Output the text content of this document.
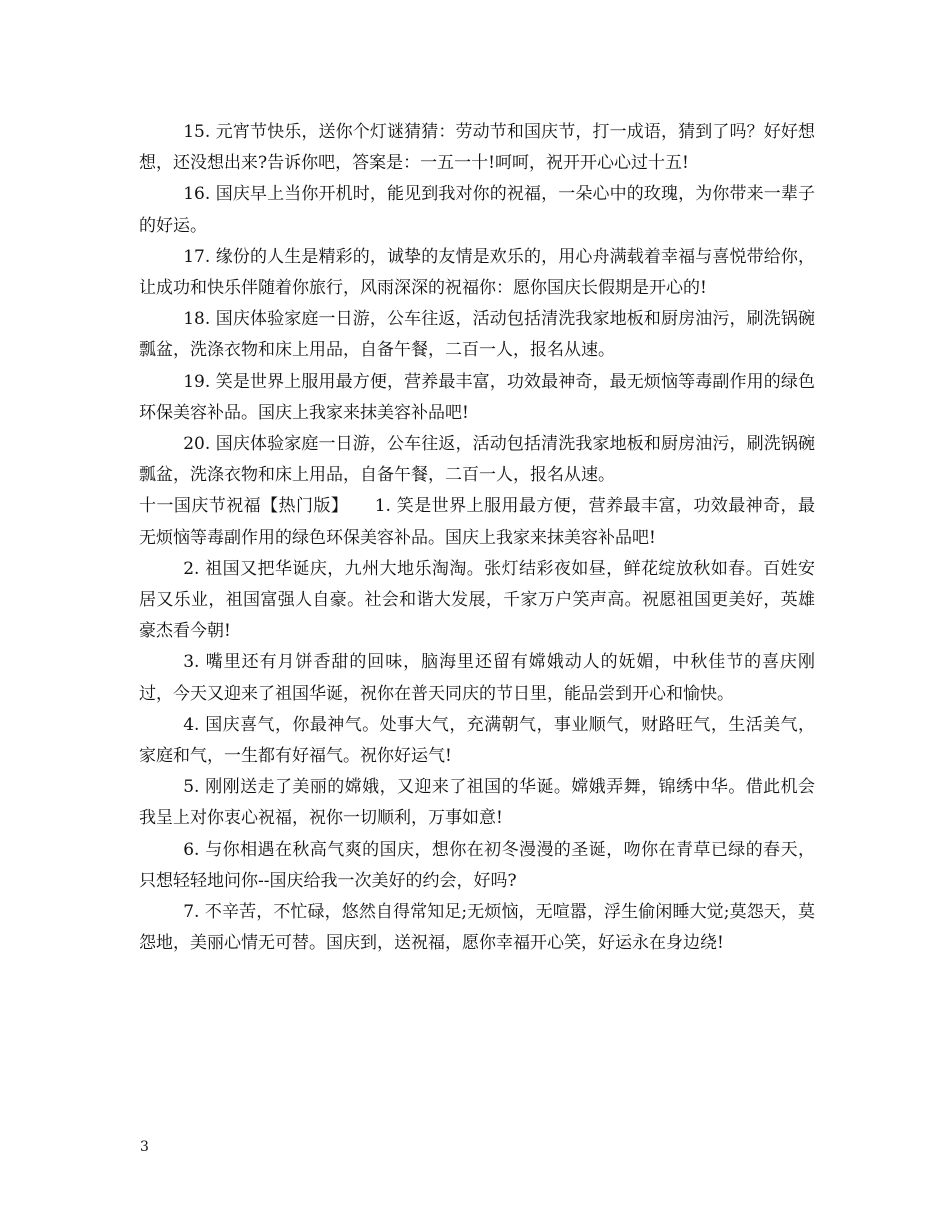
15. 元宵节快乐，送你个灯谜猜猜：劳动节和国庆节，打一成语，猜到了吗？好好想想，还没想出来?告诉你吧，答案是：一五一十!呵呵，祝开开心心过十五!

16. 国庆早上当你开机时，能见到我对你的祝福，一朵心中的玫瑰，为你带来一辈子的好运。

17. 缘份的人生是精彩的，诚挚的友情是欢乐的，用心舟满载着幸福与喜悦带给你，让成功和快乐伴随着你旅行，风雨深深的祝福你：愿你国庆长假期是开心的!

18. 国庆体验家庭一日游，公车往返，活动包括清洗我家地板和厨房油污，刷洗锅碗瓢盆，洗涤衣物和床上用品，自备午餐，二百一人，报名从速。

19. 笑是世界上服用最方便，营养最丰富，功效最神奇，最无烦恼等毒副作用的绿色环保美容补品。国庆上我家来抹美容补品吧!

20. 国庆体验家庭一日游，公车往返，活动包括清洗我家地板和厨房油污，刷洗锅碗瓢盆，洗涤衣物和床上用品，自备午餐，二百一人，报名从速。

十一国庆节祝福【热门版】　　1. 笑是世界上服用最方便，营养最丰富，功效最神奇，最无烦恼等毒副作用的绿色环保美容补品。国庆上我家来抹美容补品吧!

2. 祖国又把华诞庆，九州大地乐淘淘。张灯结彩夜如昼，鲜花绽放秋如春。百姓安居又乐业，祖国富强人自豪。社会和谐大发展，千家万户笑声高。祝愿祖国更美好，英雄豪杰看今朝!

3. 嘴里还有月饼香甜的回味，脑海里还留有嫦娥动人的妩媚，中秋佳节的喜庆刚过，今天又迎来了祖国华诞，祝你在普天同庆的节日里，能品尝到开心和愉快。

4. 国庆喜气，你最神气。处事大气，充满朝气，事业顺气，财路旺气，生活美气，家庭和气，一生都有好福气。祝你好运气!

5. 刚刚送走了美丽的嫦娥，又迎来了祖国的华诞。嫦娥弄舞，锦绣中华。借此机会我呈上对你衷心祝福，祝你一切顺利，万事如意!

6. 与你相遇在秋高气爽的国庆，想你在初冬漫漫的圣诞，吻你在青草已绿的春天，只想轻轻地问你--国庆给我一次美好的约会，好吗?

7. 不辛苦，不忙碌，悠然自得常知足;无烦恼，无喧嚣，浮生偷闲睡大觉;莫怨天，莫怨地，美丽心情无可替。国庆到，送祝福，愿你幸福开心笑，好运永在身边绕!

3
